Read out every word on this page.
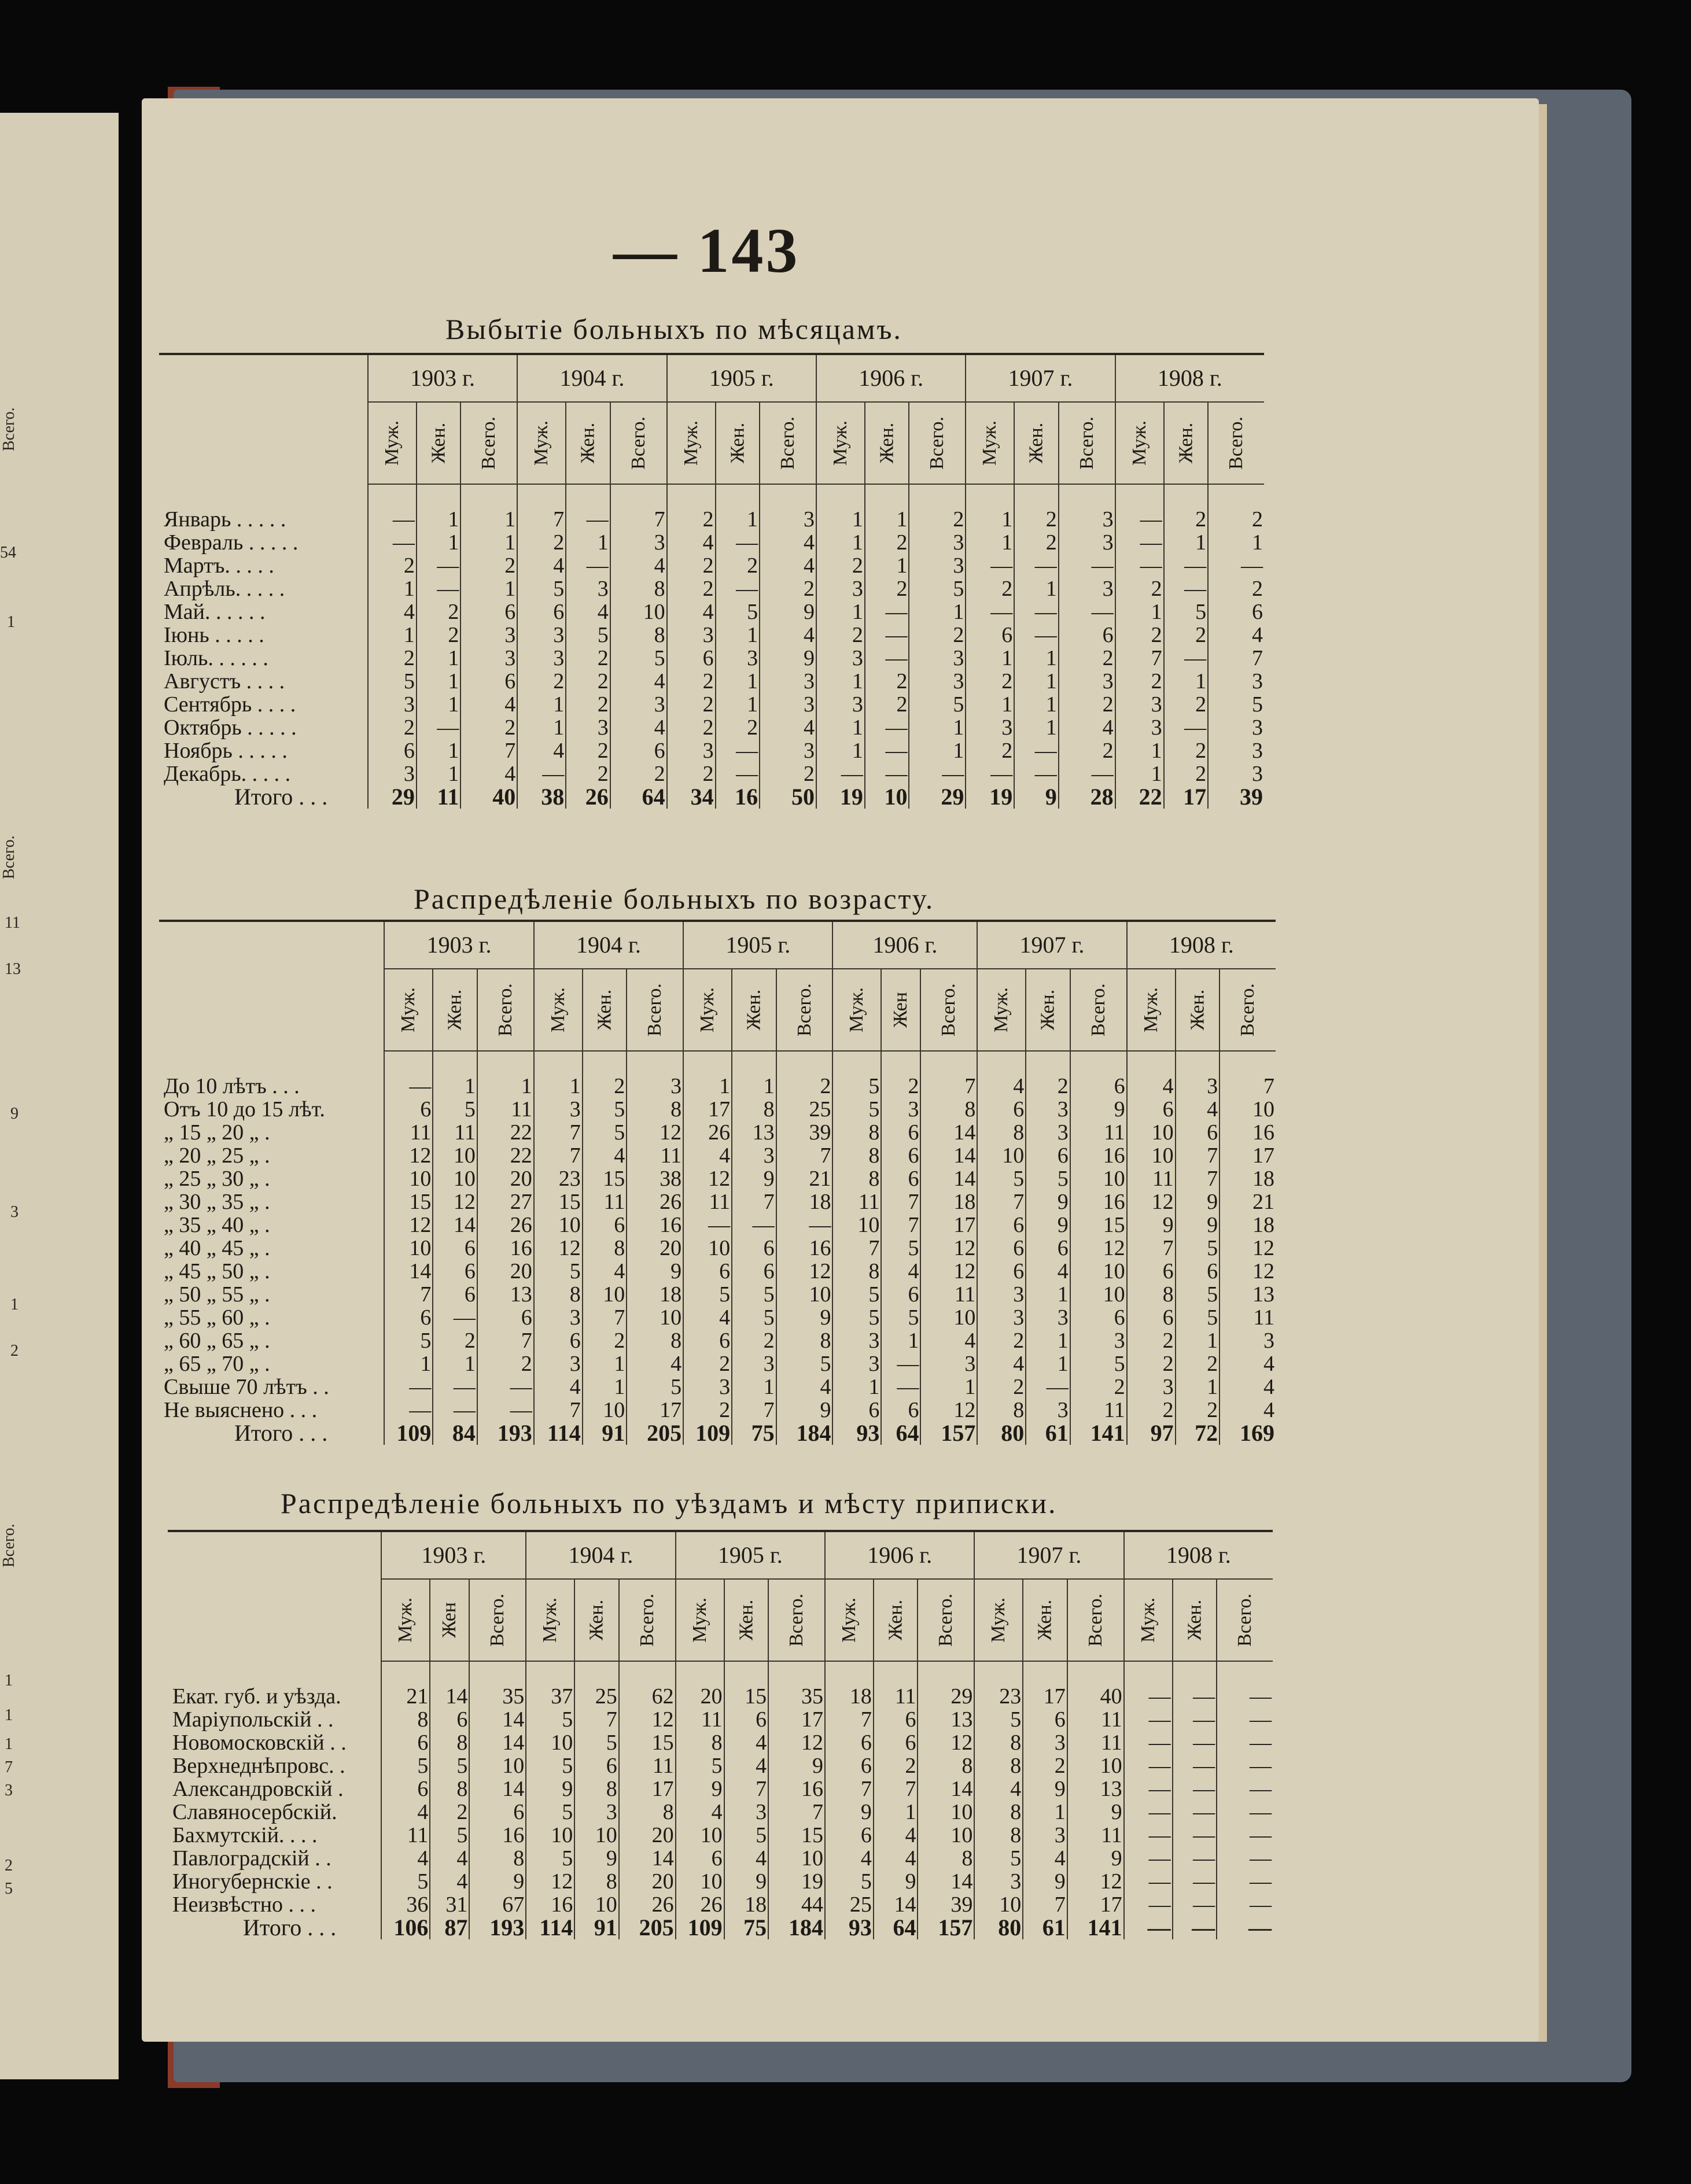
Всего.
54
1
Всего.
11
13
9
3
1
2
Всего.
1
1
1
7
3
2
5
— 143
Выбытіе больныхъ по мѣсяцамъ.
	1903 г.			1904 г.			1905 г.			1906 г.			1907 г.			1908 г.		
	Муж.	Жен.	Всего.	Муж.	Жен.	Всего.	Муж.	Жен.	Всего.	Муж.	Жен.	Всего.	Муж.	Жен.	Всего.	Муж.	Жен.	Всего.

Январь . . . . .	—	1	1	7	—	7	2	1	3	1	1	2	1	2	3	—	2	2
Февраль . . . . .	—	1	1	2	1	3	4	—	4	1	2	3	1	2	3	—	1	1
Мартъ. . . . .	2	—	2	4	—	4	2	2	4	2	1	3	—	—	—	—	—	—
Апрѣль. . . . .	1	—	1	5	3	8	2	—	2	3	2	5	2	1	3	2	—	2
Май. . . . . .	4	2	6	6	4	10	4	5	9	1	—	1	—	—	—	1	5	6
Іюнь . . . . .	1	2	3	3	5	8	3	1	4	2	—	2	6	—	6	2	2	4
Іюль. . . . . .	2	1	3	3	2	5	6	3	9	3	—	3	1	1	2	7	—	7
Августъ . . . .	5	1	6	2	2	4	2	1	3	1	2	3	2	1	3	2	1	3
Сентябрь . . . .	3	1	4	1	2	3	2	1	3	3	2	5	1	1	2	3	2	5
Октябрь . . . . .	2	—	2	1	3	4	2	2	4	1	—	1	3	1	4	3	—	3
Ноябрь . . . . .	6	1	7	4	2	6	3	—	3	1	—	1	2	—	2	1	2	3
Декабрь. . . . .	3	1	4	—	2	2	2	—	2	—	—	—	—	—	—	1	2	3
Итого . . .	29	11	40	38	26	64	34	16	50	19	10	29	19	9	28	22	17	39
Распредѣленіе больныхъ по возрасту.
	1903 г.			1904 г.			1905 г.			1906 г.			1907 г.			1908 г.		
	Муж.	Жен.	Всего.	Муж.	Жен.	Всего.	Муж.	Жен.	Всего.	Муж.	Жен	Всего.	Муж.	Жен.	Всего.	Муж.	Жен.	Всего.

До 10 лѣтъ . . .	—	1	1	1	2	3	1	1	2	5	2	7	4	2	6	4	3	7
Отъ 10 до 15 лѣт.	6	5	11	3	5	8	17	8	25	5	3	8	6	3	9	6	4	10
„ 15 „ 20 „ .	11	11	22	7	5	12	26	13	39	8	6	14	8	3	11	10	6	16
„ 20 „ 25 „ .	12	10	22	7	4	11	4	3	7	8	6	14	10	6	16	10	7	17
„ 25 „ 30 „ .	10	10	20	23	15	38	12	9	21	8	6	14	5	5	10	11	7	18
„ 30 „ 35 „ .	15	12	27	15	11	26	11	7	18	11	7	18	7	9	16	12	9	21
„ 35 „ 40 „ .	12	14	26	10	6	16	—	—	—	10	7	17	6	9	15	9	9	18
„ 40 „ 45 „ .	10	6	16	12	8	20	10	6	16	7	5	12	6	6	12	7	5	12
„ 45 „ 50 „ .	14	6	20	5	4	9	6	6	12	8	4	12	6	4	10	6	6	12
„ 50 „ 55 „ .	7	6	13	8	10	18	5	5	10	5	6	11	3	1	10	8	5	13
„ 55 „ 60 „ .	6	—	6	3	7	10	4	5	9	5	5	10	3	3	6	6	5	11
„ 60 „ 65 „ .	5	2	7	6	2	8	6	2	8	3	1	4	2	1	3	2	1	3
„ 65 „ 70 „ .	1	1	2	3	1	4	2	3	5	3	—	3	4	1	5	2	2	4
Свыше 70 лѣтъ . .	—	—	—	4	1	5	3	1	4	1	—	1	2	—	2	3	1	4
Не выяснено . . .	—	—	—	7	10	17	2	7	9	6	6	12	8	3	11	2	2	4
Итого . . .	109	84	193	114	91	205	109	75	184	93	64	157	80	61	141	97	72	169
Распредѣленіе больныхъ по уѣздамъ и мѣсту приписки.
	1903 г.			1904 г.			1905 г.			1906 г.			1907 г.			1908 г.		
	Муж.	Жен	Всего.	Муж.	Жен.	Всего.	Муж.	Жен.	Всего.	Муж.	Жен.	Всего.	Муж.	Жен.	Всего.	Муж.	Жен.	Всего.

Екат. губ. и уѣзда.	21	14	35	37	25	62	20	15	35	18	11	29	23	17	40	—	—	—
Маріупольскій . .	8	6	14	5	7	12	11	6	17	7	6	13	5	6	11	—	—	—
Новомосковскій . .	6	8	14	10	5	15	8	4	12	6	6	12	8	3	11	—	—	—
Верхнеднѣпровс. .	5	5	10	5	6	11	5	4	9	6	2	8	8	2	10	—	—	—
Александровскій .	6	8	14	9	8	17	9	7	16	7	7	14	4	9	13	—	—	—
Славяносербскій.	4	2	6	5	3	8	4	3	7	9	1	10	8	1	9	—	—	—
Бахмутскій. . . .	11	5	16	10	10	20	10	5	15	6	4	10	8	3	11	—	—	—
Павлоградскій . .	4	4	8	5	9	14	6	4	10	4	4	8	5	4	9	—	—	—
Иногубернскіе . .	5	4	9	12	8	20	10	9	19	5	9	14	3	9	12	—	—	—
Неизвѣстно . . .	36	31	67	16	10	26	26	18	44	25	14	39	10	7	17	—	—	—
Итого . . .	106	87	193	114	91	205	109	75	184	93	64	157	80	61	141	—	—	—
